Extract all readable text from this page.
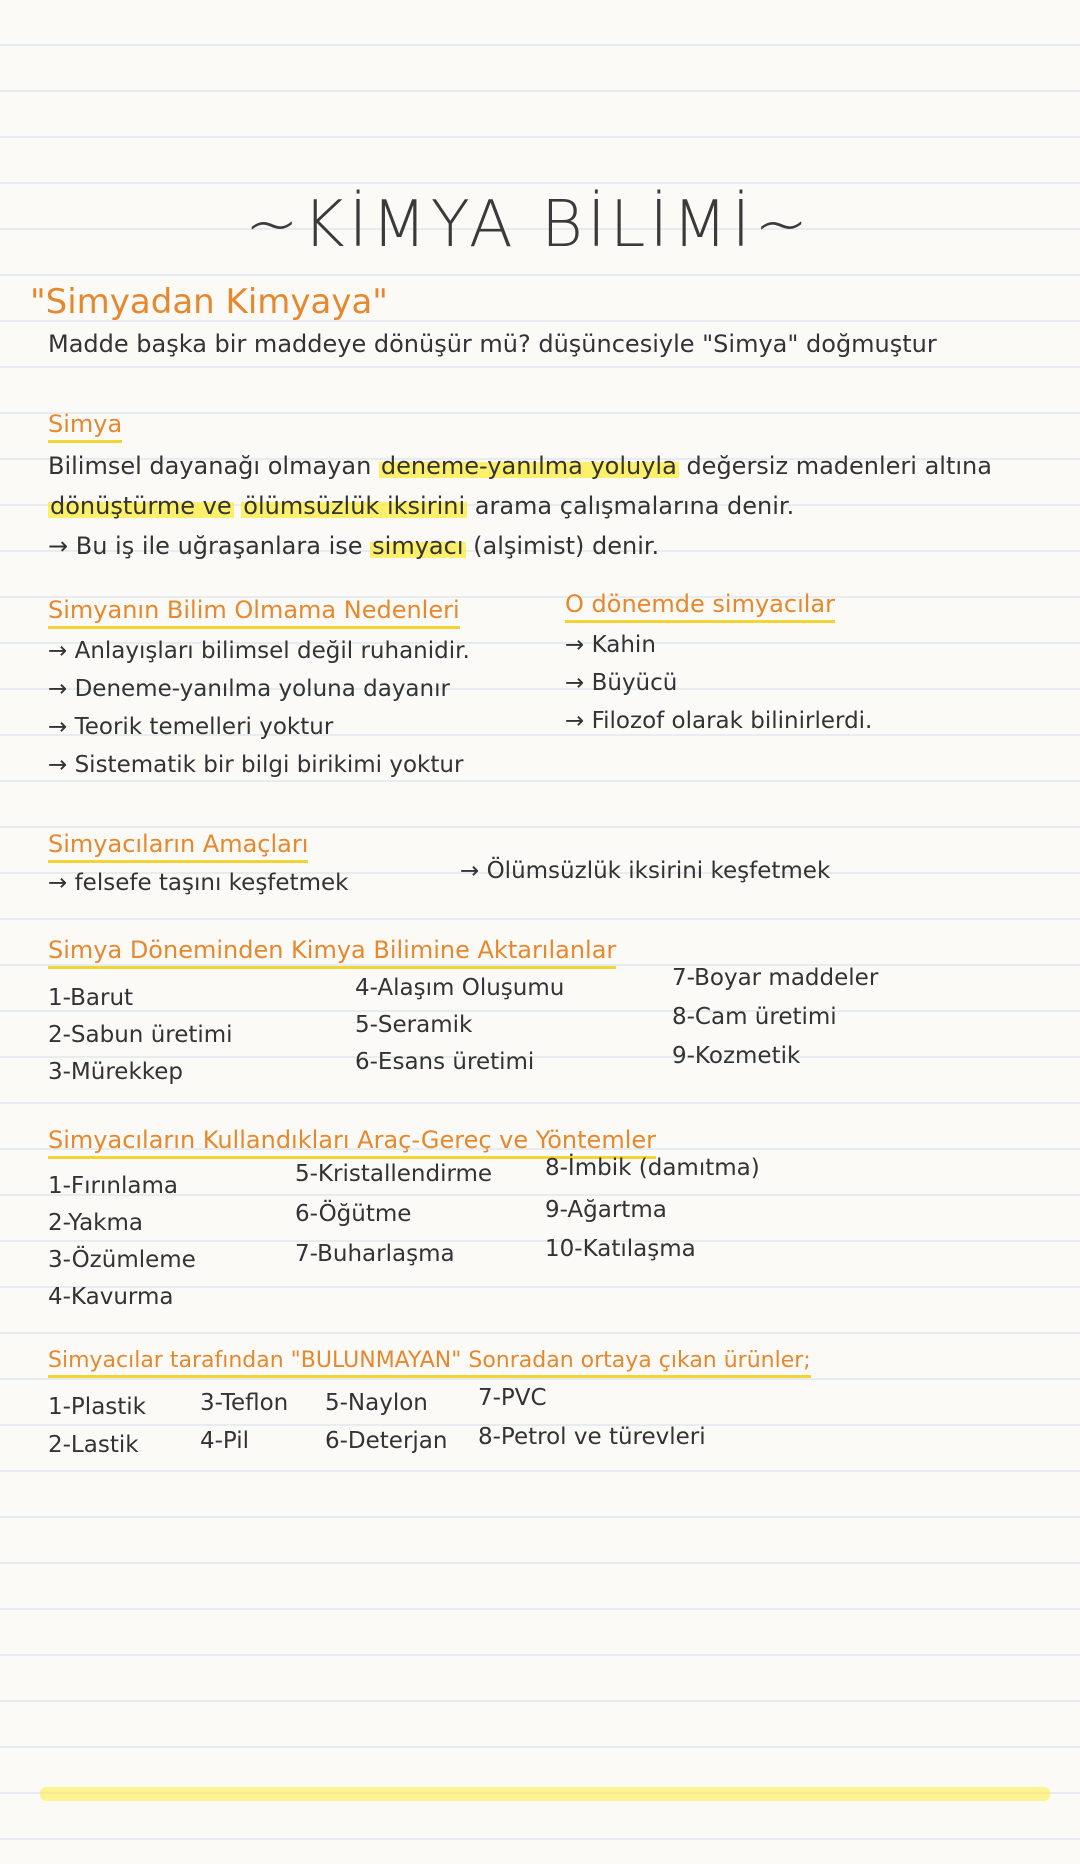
~KİMYA BİLİMİ~
"Simyadan Kimyaya"
Madde başka bir maddeye dönüşür mü? düşüncesiyle "Simya" doğmuştur
Simya
Bilimsel dayanağı olmayan deneme-yanılma yoluyla değersiz madenleri altına
dönüştürme ve ölümsüzlük iksirini arama çalışmalarına denir.
→ Bu iş ile uğraşanlara ise simyacı (alşimist) denir.
Simyanın Bilim Olmama Nedenleri
→ Anlayışları bilimsel değil ruhanidir.
→ Deneme-yanılma yoluna dayanır
→ Teorik temelleri yoktur
→ Sistematik bir bilgi birikimi yoktur
O dönemde simyacılar
→ Kahin
→ Büyücü
→ Filozof olarak bilinirlerdi.
Simyacıların Amaçları
→ felsefe taşını keşfetmek	→ Ölümsüzlük iksirini keşfetmek
Simya Döneminden Kimya Bilimine Aktarılanlar
1-Barut
2-Sabun üretimi
3-Mürekkep
4-Alaşım Oluşumu
5-Seramik
6-Esans üretimi
7-Boyar maddeler
8-Cam üretimi
9-Kozmetik
Simyacıların Kullandıkları Araç-Gereç ve Yöntemler
1-Fırınlama
2-Yakma
3-Özümleme
4-Kavurma
5-Kristallendirme
6-Öğütme
7-Buharlaşma
8-İmbik (damıtma)
9-Ağartma
10-Katılaşma
Simyacılar tarafından "BULUNMAYAN" Sonradan ortaya çıkan ürünler;
1-Plastik
2-Lastik
3-Teflon
4-Pil
5-Naylon
6-Deterjan
7-PVC
8-Petrol ve türevleri
